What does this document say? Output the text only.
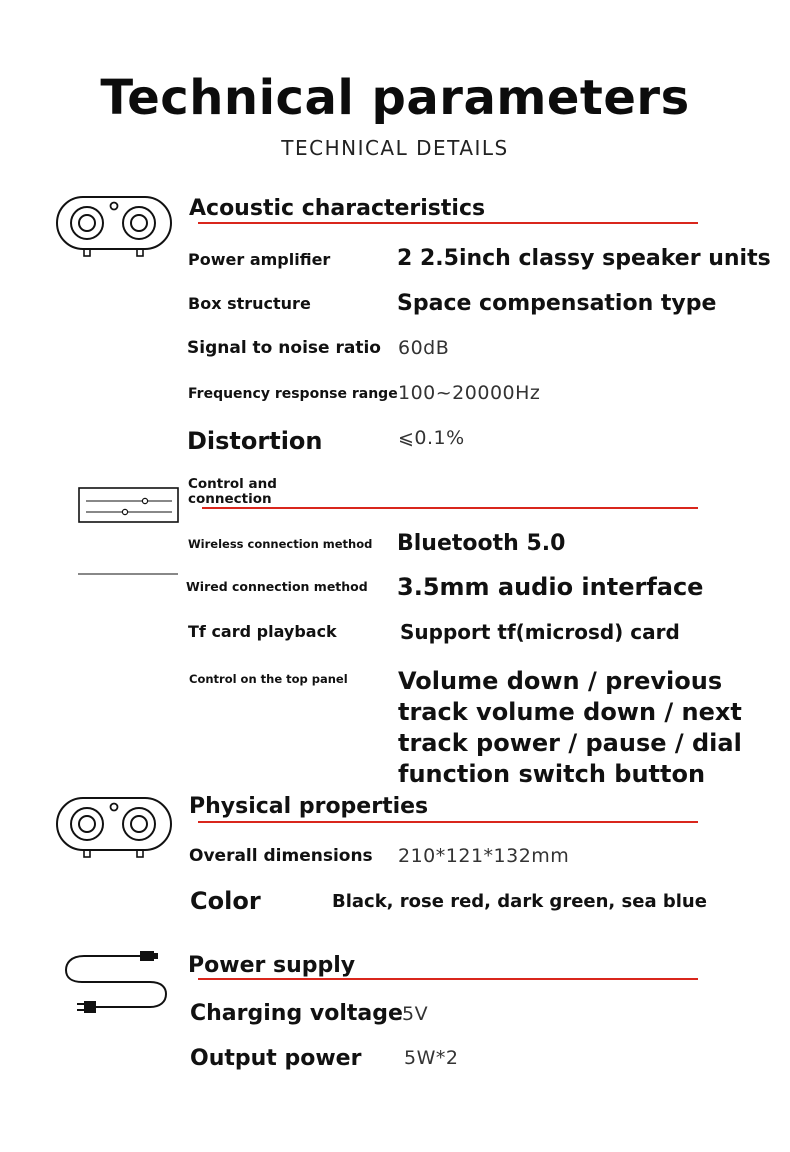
Technical parameters
TECHNICAL DETAILS
Acoustic characteristics
Power amplifier	2 2.5inch classy speaker units
Box structure	Space compensation type
Signal to noise ratio 60dB
Frequency response range 100~20000Hz
Distortion	⩽0.1%
Control and connection
Wireless connection method Bluetooth 5.0
Wired connection method 3.5mm audio interface
Tf card playback	Support tf(microsd) card
Control on the top panel Volume down / previous track volume down / next track power / pause / dial function switch button
Physical properties
Overall dimensions 210*121*132mm
Color	Black, rose red, dark green, sea blue
Power supply
Charging voltage 5V
Output power 5W*2
